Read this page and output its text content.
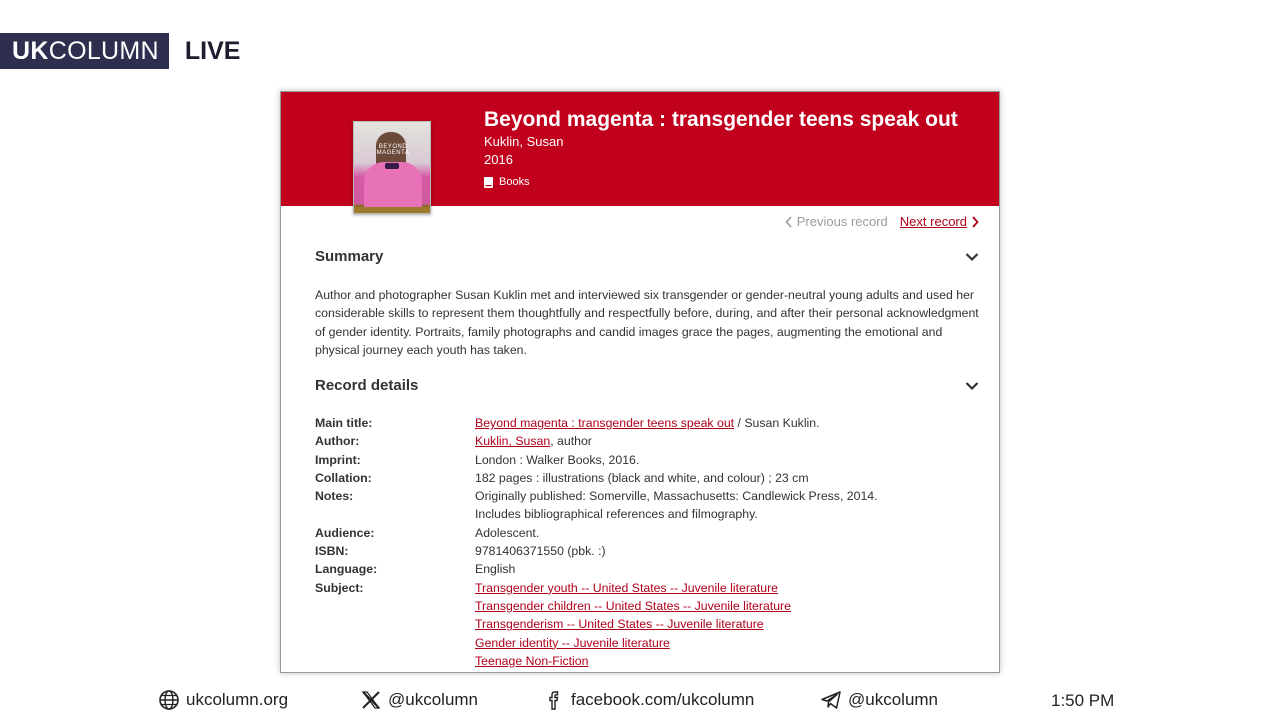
UK COLUMN LIVE
BEYOND
MAGENTA
Beyond magenta : transgender teens speak out
Kuklin, Susan
2016
Books
Previous record Next record
Summary

Author and photographer Susan Kuklin met and interviewed six transgender or gender-neutral young adults and used her considerable skills to represent them thoughtfully and respectfully before, during, and after their personal acknowledgment of gender identity. Portraits, family photographs and candid images grace the pages, augmenting the emotional and physical journey each youth has taken.

Record details
Main title:	Beyond magenta : transgender teens speak out / Susan Kuklin.
Author:	Kuklin, Susan, author
Imprint:	London : Walker Books, 2016.
Collation:	182 pages : illustrations (black and white, and colour) ; 23 cm
Notes:	Originally published: Somerville, Massachusetts: Candlewick Press, 2014.
Includes bibliographical references and filmography.
Audience:	Adolescent.
ISBN:	9781406371550 (pbk. :)
Language:	English
Subject:	Transgender youth -- United States -- Juvenile literature
Transgender children -- United States -- Juvenile literature
Transgenderism -- United States -- Juvenile literature
Gender identity -- Juvenile literature
Teenage Non-Fiction
ukcolumn.org	@ukcolumn	facebook.com/ukcolumn	@ukcolumn	1:50 PM
